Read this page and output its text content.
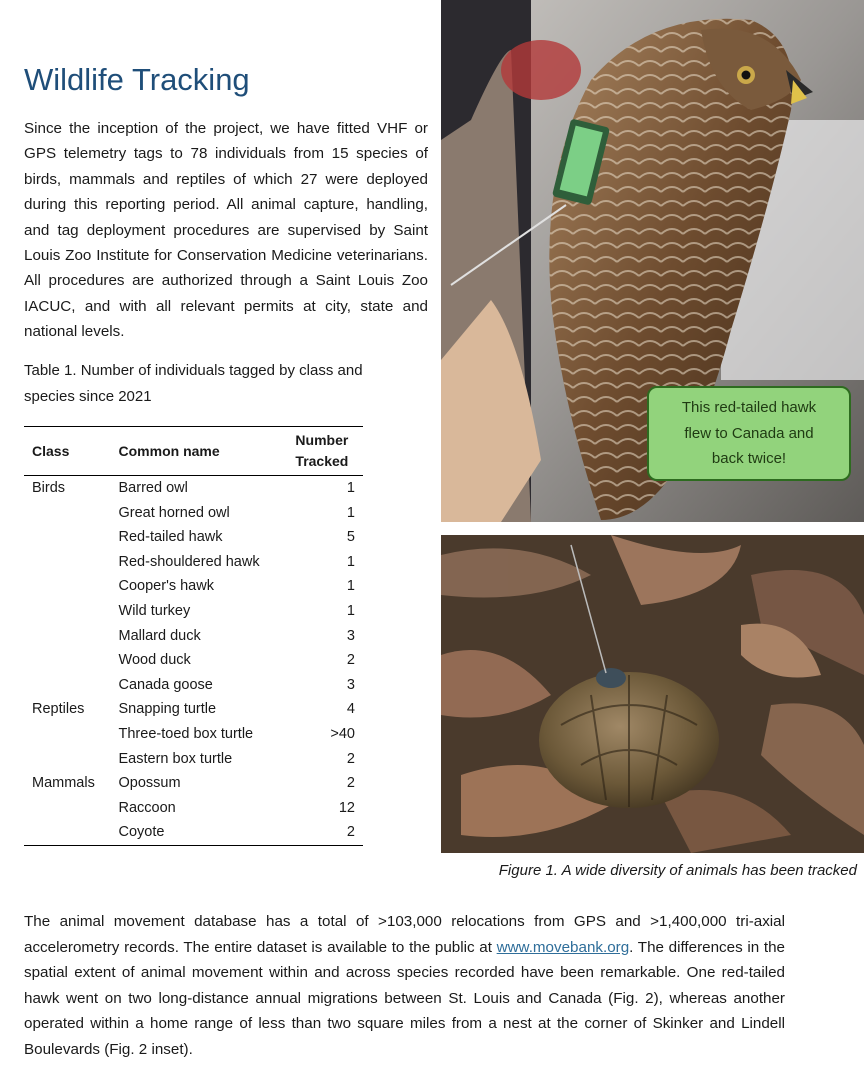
Wildlife Tracking

Since the inception of the project, we have fitted VHF or GPS telemetry tags to 78 individuals from 15 species of birds, mammals and reptiles of which 27 were deployed during this reporting period. All animal capture, handling, and tag deployment procedures are supervised by Saint Louis Zoo Institute for Conservation Medicine veterinarians. All procedures are authorized through a Saint Louis Zoo IACUC, and with all relevant permits at city, state and national levels.

Table 1. Number of individuals tagged by class and species since 2021

Class	Common name	Number
Tracked
Birds	Barred owl	1
	Great horned owl	1
	Red-tailed hawk	5
	Red-shouldered hawk	1
	Cooper's hawk	1
	Wild turkey	1
	Mallard duck	3
	Wood duck	2
	Canada goose	3
Reptiles	Snapping turtle	4
	Three-toed box turtle	>40
	Eastern box turtle	2
Mammals	Opossum	2
	Raccoon	12
	Coyote	2
This red-tailed hawk flew to Canada and back twice!
Figure 1. A wide diversity of animals has been tracked

The animal movement database has a total of >103,000 relocations from GPS and >1,400,000 tri-axial accelerometry records. The entire dataset is available to the public at www.movebank.org. The differences in the spatial extent of animal movement within and across species recorded have been remarkable. One red-tailed hawk went on two long-distance annual migrations between St. Louis and Canada (Fig. 2), whereas another operated within a home range of less than two square miles from a nest at the corner of Skinker and Lindell Boulevards (Fig. 2 inset).
